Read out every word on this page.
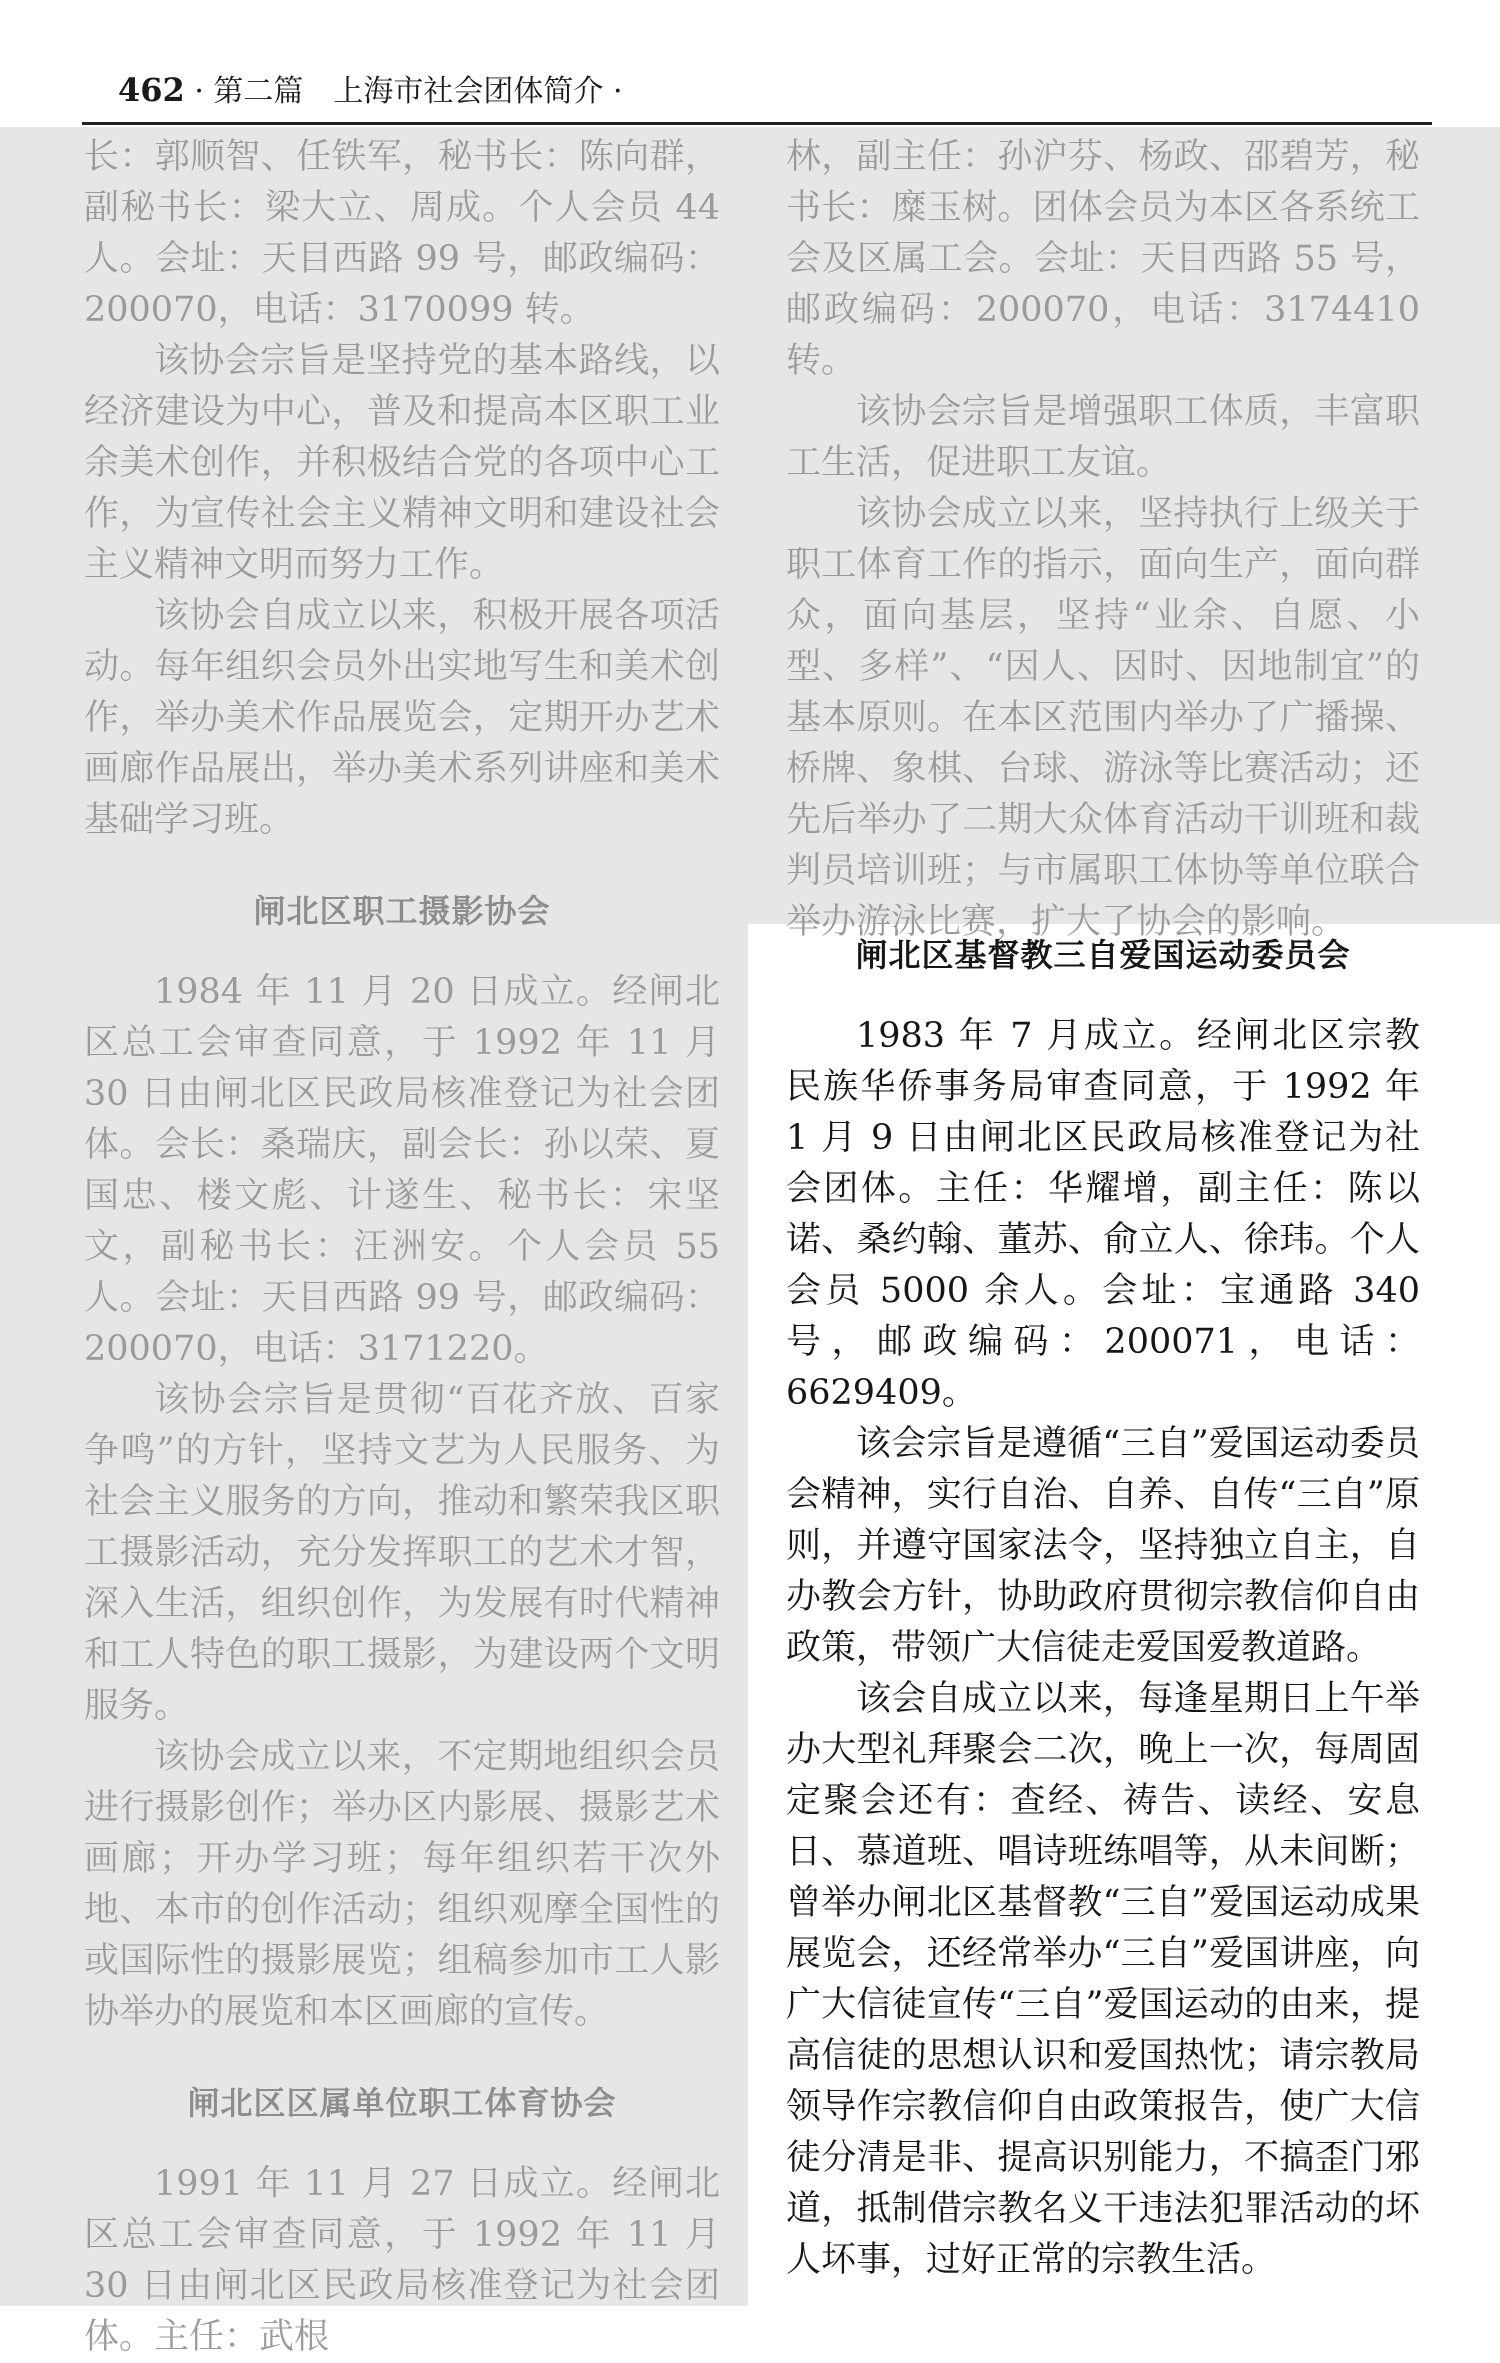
462 · 第二篇　上海市社会团体简介 ·

长：郭顺智、任铁军，秘书长：陈向群，副秘书长：梁大立、周成。个人会员 44 人。会址：天目西路 99 号，邮政编码：200070，电话：3170099 转。

该协会宗旨是坚持党的基本路线，以经济建设为中心，普及和提高本区职工业余美术创作，并积极结合党的各项中心工作，为宣传社会主义精神文明和建设社会主义精神文明而努力工作。

该协会自成立以来，积极开展各项活动。每年组织会员外出实地写生和美术创作，举办美术作品展览会，定期开办艺术画廊作品展出，举办美术系列讲座和美术基础学习班。

闸北区职工摄影协会

1984 年 11 月 20 日成立。经闸北区总工会审查同意，于 1992 年 11 月 30 日由闸北区民政局核准登记为社会团体。会长：桑瑞庆，副会长：孙以荣、夏国忠、楼文彪、计遂生、秘书长：宋坚文，副秘书长：汪洲安。个人会员 55 人。会址：天目西路 99 号，邮政编码：200070，电话：3171220。

该协会宗旨是贯彻“百花齐放、百家争鸣”的方针，坚持文艺为人民服务、为社会主义服务的方向，推动和繁荣我区职工摄影活动，充分发挥职工的艺术才智，深入生活，组织创作，为发展有时代精神和工人特色的职工摄影，为建设两个文明服务。

该协会成立以来，不定期地组织会员进行摄影创作；举办区内影展、摄影艺术画廊；开办学习班；每年组织若干次外地、本市的创作活动；组织观摩全国性的或国际性的摄影展览；组稿参加市工人影协举办的展览和本区画廊的宣传。

闸北区区属单位职工体育协会

1991 年 11 月 27 日成立。经闸北区总工会审查同意，于 1992 年 11 月 30 日由闸北区民政局核准登记为社会团体。主任：武根

林，副主任：孙沪芬、杨政、邵碧芳，秘书长：糜玉树。团体会员为本区各系统工会及区属工会。会址：天目西路 55 号，邮政编码：200070，电话：3174410 转。

该协会宗旨是增强职工体质，丰富职工生活，促进职工友谊。

该协会成立以来，坚持执行上级关于职工体育工作的指示，面向生产，面向群众，面向基层，坚持“业余、自愿、小型、多样”、“因人、因时、因地制宜”的基本原则。在本区范围内举办了广播操、桥牌、象棋、台球、游泳等比赛活动；还先后举办了二期大众体育活动干训班和裁判员培训班；与市属职工体协等单位联合举办游泳比赛，扩大了协会的影响。

闸北区基督教三自爱国运动委员会

1983 年 7 月成立。经闸北区宗教民族华侨事务局审查同意，于 1992 年 1 月 9 日由闸北区民政局核准登记为社会团体。主任：华耀增，副主任：陈以诺、桑约翰、董苏、俞立人、徐玮。个人会员 5000 余人。会址：宝通路 340 号，邮政编码：200071，电话：6629409。

该会宗旨是遵循“三自”爱国运动委员会精神，实行自治、自养、自传“三自”原则，并遵守国家法令，坚持独立自主，自办教会方针，协助政府贯彻宗教信仰自由政策，带领广大信徒走爱国爱教道路。

该会自成立以来，每逢星期日上午举办大型礼拜聚会二次，晚上一次，每周固定聚会还有：查经、祷告、读经、安息日、慕道班、唱诗班练唱等，从未间断；曾举办闸北区基督教“三自”爱国运动成果展览会，还经常举办“三自”爱国讲座，向广大信徒宣传“三自”爱国运动的由来，提高信徒的思想认识和爱国热忱；请宗教局领导作宗教信仰自由政策报告，使广大信徒分清是非、提高识别能力，不搞歪门邪道，抵制借宗教名义干违法犯罪活动的坏人坏事，过好正常的宗教生活。
